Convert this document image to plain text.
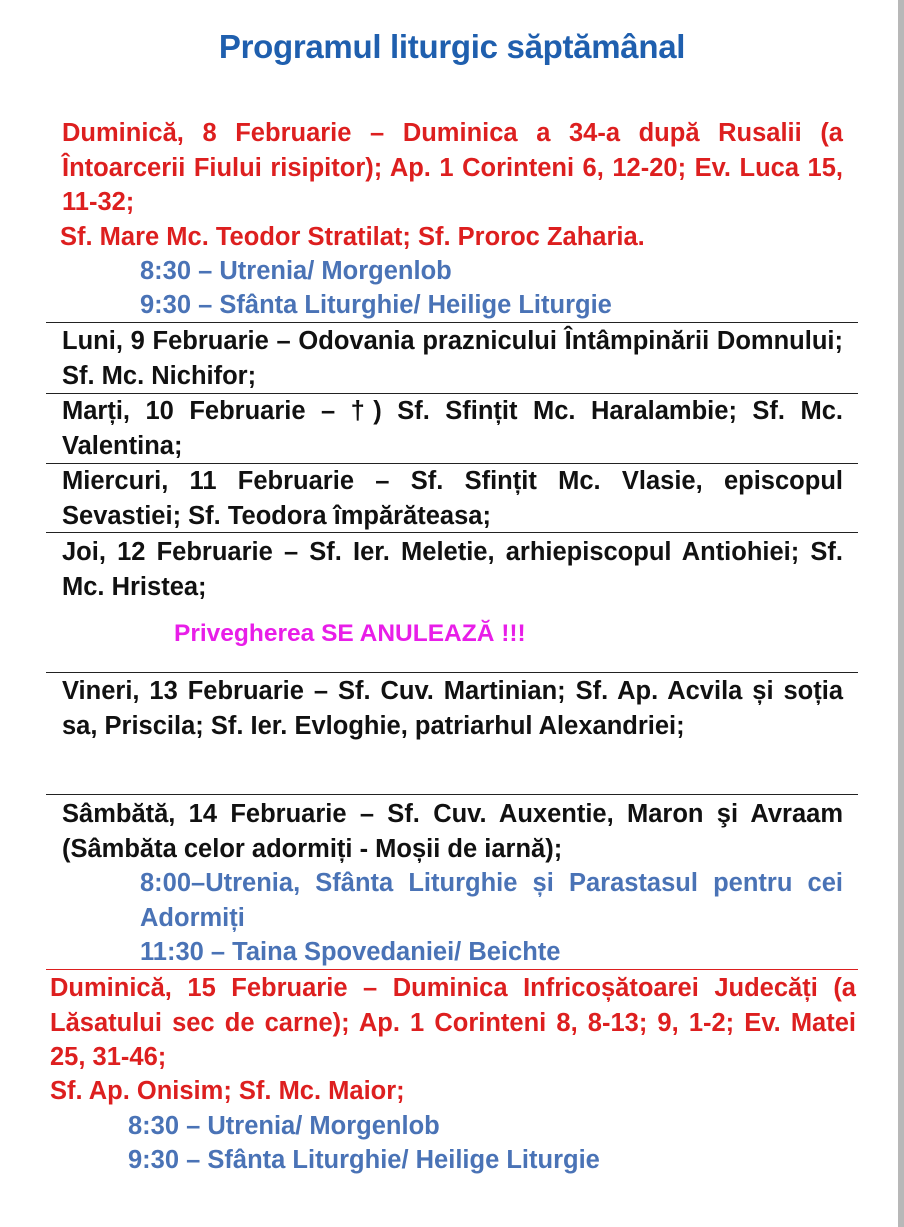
Programul liturgic săptămânal

Duminică, 8 Februarie – Duminica a 34-a după Rusalii (a Întoarcerii Fiului risipitor); Ap. 1 Corinteni 6, 12-20; Ev. Luca 15, 11-32;

Sf. Mare Mc. Teodor Stratilat; Sf. Proroc Zaharia.
8:30 – Utrenia/ Morgenlob
9:30 – Sfânta Liturghie/ Heilige Liturgie

Luni, 9 Februarie – Odovania praznicului Întâmpinării Domnului; Sf. Mc. Nichifor;

Marți, 10 Februarie – †) Sf. Sfințit Mc. Haralambie; Sf. Mc. Valentina;

Miercuri, 11 Februarie – Sf. Sfințit Mc. Vlasie, episcopul Sevastiei; Sf. Teodora împărăteasa;

Joi, 12 Februarie – Sf. Ier. Meletie, arhiepiscopul Antiohiei; Sf. Mc. Hristea;

Privegherea SE ANULEAZĂ !!!

Vineri, 13 Februarie – Sf. Cuv. Martinian; Sf. Ap. Acvila și soția sa, Priscila; Sf. Ier. Evloghie, patriarhul Alexandriei;

Sâmbătă, 14 Februarie – Sf. Cuv. Auxentie, Maron şi Avraam (Sâmbăta celor adormiți - Moșii de iarnă);

8:00–Utrenia, Sfânta Liturghie și Parastasul pentru cei Adormiți

11:30 – Taina Spovedaniei/ Beichte

Duminică, 15 Februarie – Duminica Infricoșătoarei Judecăți (a Lăsatului sec de carne); Ap. 1 Corinteni 8, 8-13; 9, 1-2; Ev. Matei 25, 31-46;

Sf. Ap. Onisim; Sf. Mc. Maior;
8:30 – Utrenia/ Morgenlob
9:30 – Sfânta Liturghie/ Heilige Liturgie
